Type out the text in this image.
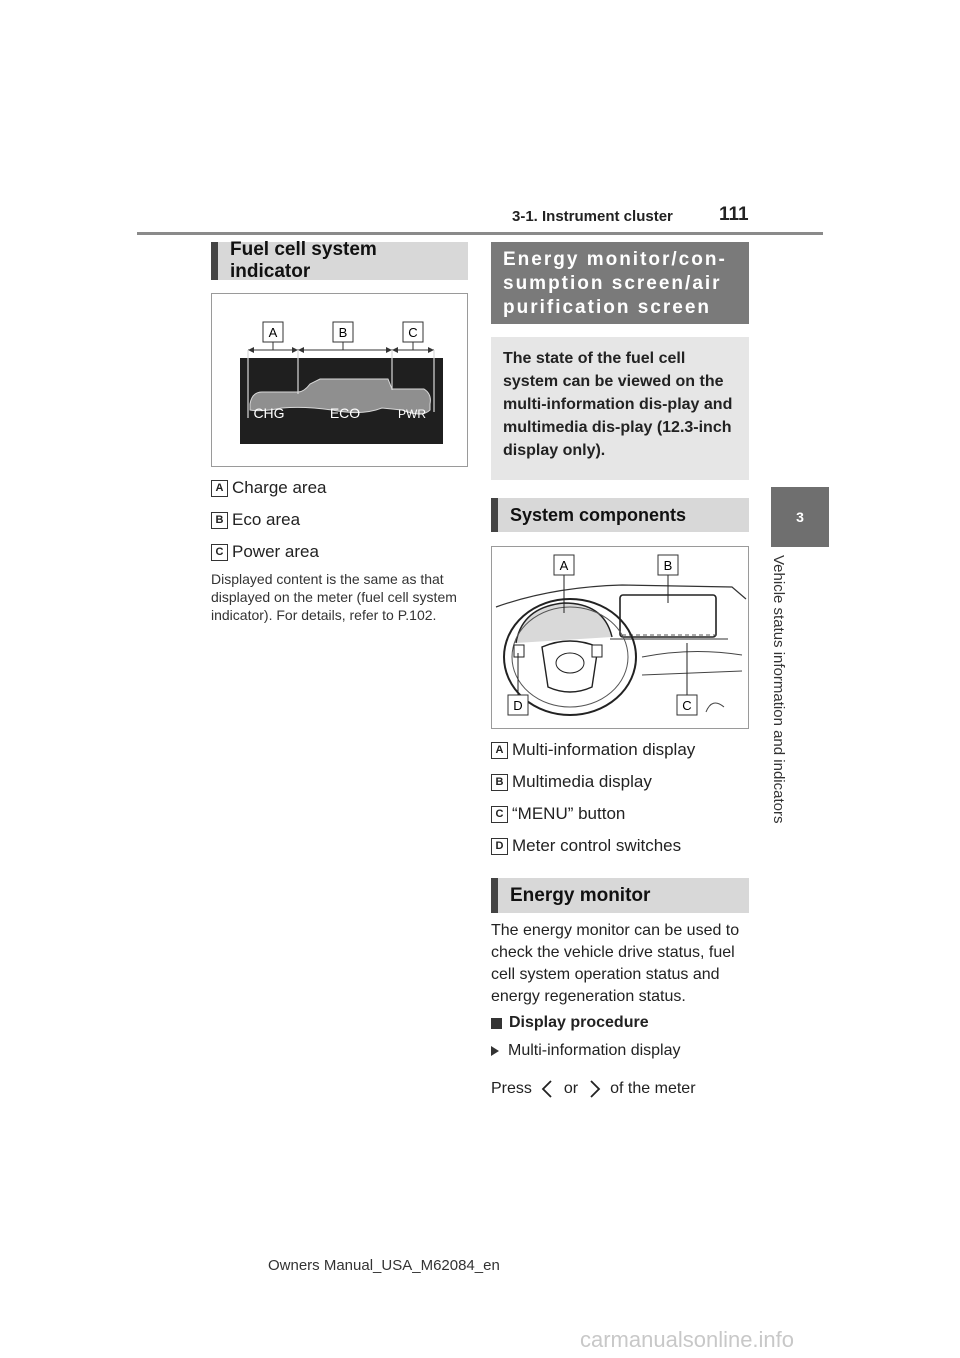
3-1. Instrument cluster 111
3
Vehicle status information and indicators
Fuel cell system indicator
A	B	C
CHG	ECO	PWR
A Charge area
B Eco area
C Power area
Displayed content is the same as that displayed on the meter (fuel cell system indicator). For details, refer to P.102.
Energy monitor/con-sumption screen/air purification screen
The state of the fuel cell system can be viewed on the multi-information dis-play and multimedia dis-play (12.3-inch display only).
System components
A	B
D	C
A Multi-information display
B Multimedia display
C “MENU” button
D Meter control switches
Energy monitor
The energy monitor can be used to check the vehicle drive status, fuel cell system operation status and energy regeneration status.
Display procedure
Multi-information display
Press or of the meter
Owners Manual_USA_M62084_en
carmanualsonline.info
